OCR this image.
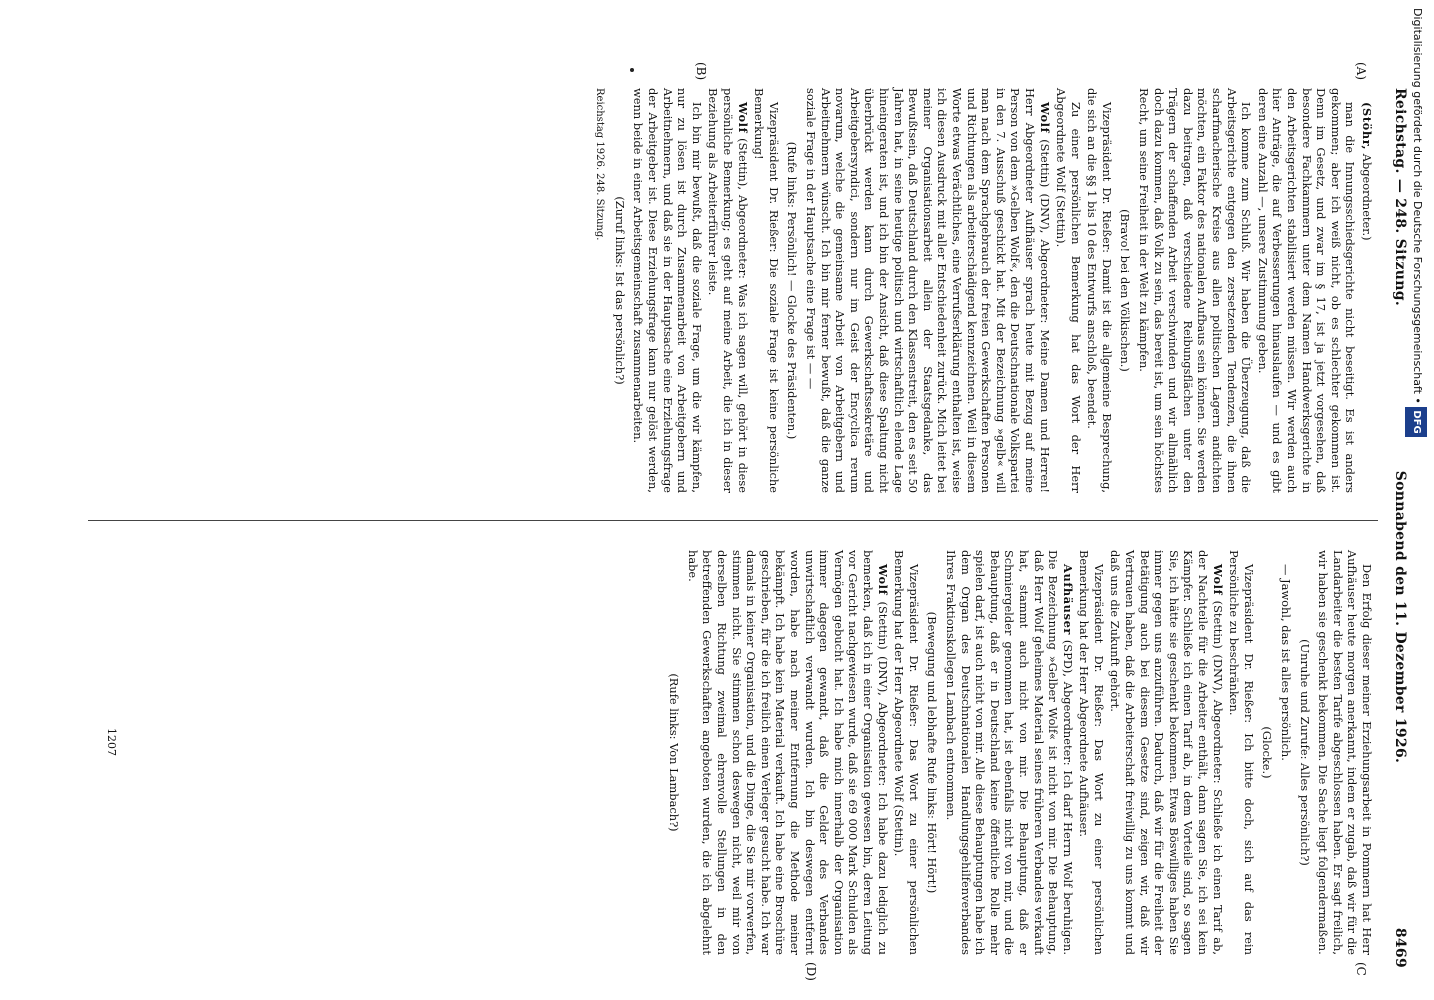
Reichstag. — 248. Sitzung.
Sonnabend den 11. Dezember 1926.
8469
(A)
(B)
(C
(D)

(Stöhr, Abgeordneter.)

man die Innungsschiedsgerichte nicht beseitigt. Es ist anders gekommen; aber ich weiß nicht, ob es schlechter gekommen ist. Denn im Gesetz, und zwar im § 17, ist ja jetzt vorgesehen, daß besondere Fachkammern unter dem Namen Handwerksgerichte in den Arbeitsgerichten stabilisiert werden müssen. Wir werden auch hier Anträge, die auf Verbesserungen hinauslaufen — und es gibt deren eine Anzahl —, unsere Zustimmung geben.

Ich komme zum Schluß. Wir haben die Überzeugung, daß die Arbeitsgerichte entgegen den zersetzenden Tendenzen, die ihnen scharfmacherische Kreise aus allen politischen Lagern andichten möchten, ein Faktor des nationalen Aufbaus sein können. Sie werden dazu beitragen, daß verschiedene Reibungsflächen unter den Trägern der schaffenden Arbeit verschwinden und wir allmählich doch dazu kommen, daß Volk zu sein, das bereit ist, um sein höchstes Recht, um seine Freiheit in der Welt zu kämpfen.

(Bravo! bei den Völkischen.)

Vizepräsident Dr. Rießer: Damit ist die allgemeine Besprechung, die sich an die §§ 1 bis 10 des Entwurfs anschloß, beendet.

Zu einer persönlichen Bemerkung hat das Wort der Herr Abgeordnete Wolf (Stettin).

Wolf (Stettin) (DNV), Abgeordneter: Meine Damen und Herren! Herr Abgeordneter Aufhäuser sprach heute mit Bezug auf meine Person von dem »Gelben Wolf«, den die Deutschnationale Volkspartei in den 7. Ausschuß geschickt hat. Mit der Bezeichnung »gelb« will man nach dem Sprachgebrauch der freien Gewerkschaften Personen und Richtungen als arbeiterschädigend kennzeichnen. Weil in diesem Worte etwas Verächtliches, eine Verrufserklärung enthalten ist, weise ich diesen Ausdruck mit aller Entschiedenheit zurück. Mich leitet bei meiner Organisationsarbeit allein der Staatsgedanke, das Bewußtsein, daß Deutschland durch den Klassenstreit, den es seit 50 Jahren hat, in seine heutige politisch und wirtschaftlich elende Lage hineingeraten ist, und ich bin der Ansicht, daß diese Spaltung nicht überbrückt werden kann durch Gewerkschaftssekretäre und Arbeitgebersyndici, sondern nur im Geist der Encyclica rerum novarum, welche die gemeinsame Arbeit von Arbeitgebern und Arbeitnehmern wünscht. Ich bin mir ferner bewußt, daß die ganze soziale Frage in der Hauptsache eine Frage ist — —

(Rufe links: Persönlich! — Glocke des Präsidenten.)

Vizepräsident Dr. Rießer: Die soziale Frage ist keine persönliche Bemerkung!

Wolf (Stettin), Abgeordneter: Was ich sagen will, gehört in diese persönliche Bemerkung; es geht auf meine Arbeit, die ich in dieser Beziehung als Arbeiterführer leiste.

Ich bin mir bewußt, daß die soziale Frage, um die wir kämpfen, nur zu lösen ist durch Zusammenarbeit von Arbeitgebern und Arbeitnehmern, und daß sie in der Hauptsache eine Erziehungsfrage der Arbeitgeber ist. Diese Erziehungsfrage kann nur gelöst werden, wenn beide in einer Arbeitsgemeinschaft zusammenarbeiten.

(Zuruf links: Ist das persönlich?)

Reichstag 1926. 248. Sitzung.

Den Erfolg dieser meiner Erziehungsarbeit in Pommern hat Herr Aufhäuser heute morgen anerkannt, indem er zugab, daß wir für die Landarbeiter die besten Tarife abgeschlossen haben. Er sagt freilich, wir haben sie geschenkt bekommen. Die Sache liegt folgendermaßen.

(Unruhe und Zurufe: Alles persönlich?)

— Jawohl, das ist alles persönlich.

(Glocke.)

Vizepräsident Dr. Rießer: Ich bitte doch, sich auf das rein Persönliche zu beschränken.

Wolf (Stettin) (DNV), Abgeordneter: Schließe ich einen Tarif ab, der Nachteile für die Arbeiter enthält, dann sagen Sie, ich sei kein Kämpfer. Schließe ich einen Tarif ab, in dem Vorteile sind, so sagen Sie, ich hätte sie geschenkt bekommen. Etwas Böswilliges haben Sie immer gegen uns anzuführen. Dadurch, daß wir für die Freiheit der Betätigung auch bei diesem Gesetze sind, zeigen wir, daß wir Vertrauen haben, daß die Arbeiterschaft freiwillig zu uns kommt und daß uns die Zukunft gehört.

Vizepräsident Dr. Rießer: Das Wort zu einer persönlichen Bemerkung hat der Herr Abgeordnete Aufhäuser.

Aufhäuser (SPD), Abgeordneter: Ich darf Herrn Wolf beruhigen. Die Bezeichnung »Gelber Wolf« ist nicht von mir. Die Behauptung, daß Herr Wolf geheimes Material seines früheren Verbandes verkauft hat, stammt auch nicht von mir. Die Behauptung, daß er Schmiergelder genommen hat, ist ebenfalls nicht von mir, und die Behauptung, daß er in Deutschland keine öffentliche Rolle mehr spielen darf, ist auch nicht von mir. Alle diese Behauptungen habe ich dem Organ des Deutschnationalen Handlungsgehilfenverbandes Ihres Fraktionskollegen Lambach entnommen.

(Bewegung und lebhafte Rufe links: Hört! Hört!)

Vizepräsident Dr. Rießer: Das Wort zu einer persönlichen Bemerkung hat der Herr Abgeordnete Wolf (Stettin).

Wolf (Stettin) (DNV), Abgeordneter: Ich habe dazu lediglich zu bemerken, daß ich in einer Organisation gewesen bin, deren Leitung vor Gericht nachgewiesen wurde, daß sie 69 000 Mark Schulden als Vermögen gebucht hat. Ich habe mich innerhalb der Organisation immer dagegen gewandt, daß die Gelder des Verbandes unwirtschaftlich verwandt wurden. Ich bin deswegen entfernt worden, habe nach meiner Entfernung die Methode meiner bekämpft. Ich habe kein Material verkauft. Ich habe eine Broschüre geschrieben, für die ich freilich einen Verleger gesucht habe. Ich war damals in keiner Organisation, und die Dinge, die Sie mir vorwerfen, stimmen nicht. Sie stimmen schon deswegen nicht, weil mir von derselben Richtung zweimal ehrenvolle Stellungen in den betreffenden Gewerkschaften angeboten wurden, die ich abgelehnt habe.

(Rufe links: Von Lambach?)

1207
Digitalisierung gefördert durch die Deutsche Forschungsgemeinschaft • DFG
